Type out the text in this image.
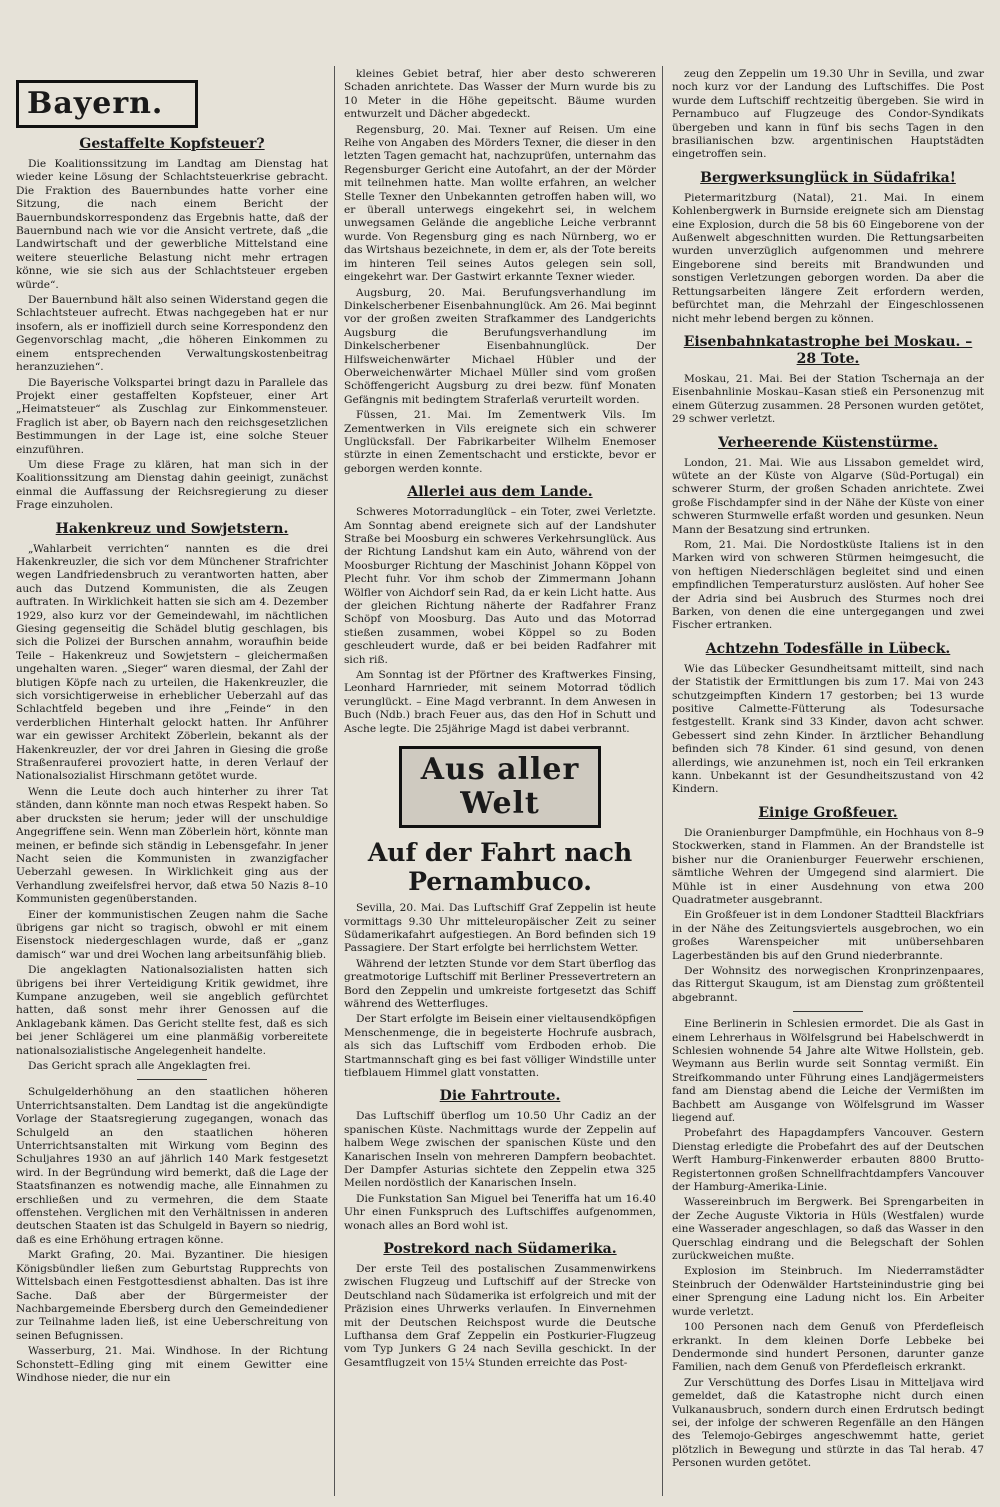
Bayern.
Gestaffelte Kopfsteuer?

Die Koalitionssitzung im Landtag am Dienstag hat wieder keine Lösung der Schlachtsteuerkrise gebracht. Die Fraktion des Bauernbundes hatte vorher eine Sitzung, die nach einem Bericht der Bauernbundskorrespondenz das Ergebnis hatte, daß der Bauernbund nach wie vor die Ansicht vertrete, daß „die Landwirtschaft und der gewerbliche Mittelstand eine weitere steuerliche Belastung nicht mehr ertragen könne, wie sie sich aus der Schlachtsteuer ergeben würde“.

Der Bauernbund hält also seinen Widerstand gegen die Schlachtsteuer aufrecht. Etwas nachgegeben hat er nur insofern, als er inoffiziell durch seine Korrespondenz den Gegenvorschlag macht, „die höheren Einkommen zu einem entsprechenden Verwaltungskostenbeitrag heranzuziehen“.

Die Bayerische Volkspartei bringt dazu in Parallele das Projekt einer gestaffelten Kopfsteuer, einer Art „Heimatsteuer“ als Zuschlag zur Einkommensteuer. Fraglich ist aber, ob Bayern nach den reichsgesetzlichen Bestimmungen in der Lage ist, eine solche Steuer einzuführen.

Um diese Frage zu klären, hat man sich in der Koalitionssitzung am Dienstag dahin geeinigt, zunächst einmal die Auffassung der Reichsregierung zu dieser Frage einzuholen.

Hakenkreuz und Sowjetstern.

„Wahlarbeit verrichten“ nannten es die drei Hakenkreuzler, die sich vor dem Münchener Strafrichter wegen Landfriedensbruch zu verantworten hatten, aber auch das Dutzend Kommunisten, die als Zeugen auftraten. In Wirklichkeit hatten sie sich am 4. Dezember 1929, also kurz vor der Gemeindewahl, im nächtlichen Giesing gegenseitig die Schädel blutig geschlagen, bis sich die Polizei der Burschen annahm, woraufhin beide Teile – Hakenkreuz und Sowjetstern – gleichermaßen ungehalten waren. „Sieger“ waren diesmal, der Zahl der blutigen Köpfe nach zu urteilen, die Hakenkreuzler, die sich vorsichtigerweise in erheblicher Ueberzahl auf das Schlachtfeld begeben und ihre „Feinde“ in den verderblichen Hinterhalt gelockt hatten. Ihr Anführer war ein gewisser Architekt Zöberlein, bekannt als der Hakenkreuzler, der vor drei Jahren in Giesing die große Straßenrauferei provoziert hatte, in deren Verlauf der Nationalsozialist Hirschmann getötet wurde.

Wenn die Leute doch auch hinterher zu ihrer Tat ständen, dann könnte man noch etwas Respekt haben. So aber drucksten sie herum; jeder will der unschuldige Angegriffene sein. Wenn man Zöberlein hört, könnte man meinen, er befinde sich ständig in Lebensgefahr. In jener Nacht seien die Kommunisten in zwanzigfacher Ueberzahl gewesen. In Wirklichkeit ging aus der Verhandlung zweifelsfrei hervor, daß etwa 50 Nazis 8–10 Kommunisten gegenüberstanden.

Einer der kommunistischen Zeugen nahm die Sache übrigens gar nicht so tragisch, obwohl er mit einem Eisenstock niedergeschlagen wurde, daß er „ganz damisch“ war und drei Wochen lang arbeitsunfähig blieb.

Die angeklagten Nationalsozialisten hatten sich übrigens bei ihrer Verteidigung Kritik gewidmet, ihre Kumpane anzugeben, weil sie angeblich gefürchtet hatten, daß sonst mehr ihrer Genossen auf die Anklagebank kämen. Das Gericht stellte fest, daß es sich bei jener Schlägerei um eine planmäßig vorbereitete nationalsozialistische Angelegenheit handelte.

Das Gericht sprach alle Angeklagten frei.

Schulgelderhöhung an den staatlichen höheren Unterrichtsanstalten. Dem Landtag ist die angekündigte Vorlage der Staatsregierung zugegangen, wonach das Schulgeld an den staatlichen höheren Unterrichtsanstalten mit Wirkung vom Beginn des Schuljahres 1930 an auf jährlich 140 Mark festgesetzt wird. In der Begründung wird bemerkt, daß die Lage der Staatsfinanzen es notwendig mache, alle Einnahmen zu erschließen und zu vermehren, die dem Staate offenstehen. Verglichen mit den Verhältnissen in anderen deutschen Staaten ist das Schulgeld in Bayern so niedrig, daß es eine Erhöhung ertragen könne.

Markt Grafing, 20. Mai. Byzantiner. Die hiesigen Königsbündler ließen zum Geburtstag Rupprechts von Wittelsbach einen Festgottesdienst abhalten. Das ist ihre Sache. Daß aber der Bürgermeister der Nachbargemeinde Ebersberg durch den Gemeindediener zur Teilnahme laden ließ, ist eine Ueberschreitung von seinen Befugnissen.

Wasserburg, 21. Mai. Windhose. In der Richtung Schonstett–Edling ging mit einem Gewitter eine Windhose nieder, die nur ein

kleines Gebiet betraf, hier aber desto schwereren Schaden anrichtete. Das Wasser der Murn wurde bis zu 10 Meter in die Höhe gepeitscht. Bäume wurden entwurzelt und Dächer abgedeckt.

Regensburg, 20. Mai. Texner auf Reisen. Um eine Reihe von Angaben des Mörders Texner, die dieser in den letzten Tagen gemacht hat, nachzuprüfen, unternahm das Regensburger Gericht eine Autofahrt, an der der Mörder mit teilnehmen hatte. Man wollte erfahren, an welcher Stelle Texner den Unbekannten getroffen haben will, wo er überall unterwegs eingekehrt sei, in welchem unwegsamen Gelände die angebliche Leiche verbrannt wurde. Von Regensburg ging es nach Nürnberg, wo er das Wirtshaus bezeichnete, in dem er, als der Tote bereits im hinteren Teil seines Autos gelegen sein soll, eingekehrt war. Der Gastwirt erkannte Texner wieder.

Augsburg, 20. Mai. Berufungsverhandlung im Dinkelscherbener Eisenbahnunglück. Am 26. Mai beginnt vor der großen zweiten Strafkammer des Landgerichts Augsburg die Berufungsverhandlung im Dinkelscherbener Eisenbahnunglück. Der Hilfsweichenwärter Michael Hübler und der Oberweichenwärter Michael Müller sind vom großen Schöffengericht Augsburg zu drei bezw. fünf Monaten Gefängnis mit bedingtem Straferlaß verurteilt worden.

Füssen, 21. Mai. Im Zementwerk Vils. Im Zementwerken in Vils ereignete sich ein schwerer Unglücksfall. Der Fabrikarbeiter Wilhelm Enemoser stürzte in einen Zementschacht und erstickte, bevor er geborgen werden konnte.

Allerlei aus dem Lande.

Schweres Motorradunglück – ein Toter, zwei Verletzte. Am Sonntag abend ereignete sich auf der Landshuter Straße bei Moosburg ein schweres Verkehrsunglück. Aus der Richtung Landshut kam ein Auto, während von der Moosburger Richtung der Maschinist Johann Köppel von Plecht fuhr. Vor ihm schob der Zimmermann Johann Wölfler von Aichdorf sein Rad, da er kein Licht hatte. Aus der gleichen Richtung näherte der Radfahrer Franz Schöpf von Moosburg. Das Auto und das Motorrad stießen zusammen, wobei Köppel so zu Boden geschleudert wurde, daß er bei beiden Radfahrer mit sich riß.

Am Sonntag ist der Pförtner des Kraftwerkes Finsing, Leonhard Harnrieder, mit seinem Motorrad tödlich verunglückt. – Eine Magd verbrannt. In dem Anwesen in Buch (Ndb.) brach Feuer aus, das den Hof in Schutt und Asche legte. Die 25jährige Magd ist dabei verbrannt.

Aus aller Welt
Auf der Fahrt nach Pernambuco.

Sevilla, 20. Mai. Das Luftschiff Graf Zeppelin ist heute vormittags 9.30 Uhr mitteleuropäischer Zeit zu seiner Südamerikafahrt aufgestiegen. An Bord befinden sich 19 Passagiere. Der Start erfolgte bei herrlichstem Wetter.

Während der letzten Stunde vor dem Start überflog das greatmotorige Luftschiff mit Berliner Pressevertretern an Bord den Zeppelin und umkreiste fortgesetzt das Schiff während des Wetterfluges.

Der Start erfolgte im Beisein einer vieltausendköpfigen Menschenmenge, die in begeisterte Hochrufe ausbrach, als sich das Luftschiff vom Erdboden erhob. Die Startmannschaft ging es bei fast völliger Windstille unter tiefblauem Himmel glatt vonstatten.

Die Fahrtroute.

Das Luftschiff überflog um 10.50 Uhr Cadiz an der spanischen Küste. Nachmittags wurde der Zeppelin auf halbem Wege zwischen der spanischen Küste und den Kanarischen Inseln von mehreren Dampfern beobachtet. Der Dampfer Asturias sichtete den Zeppelin etwa 325 Meilen nordöstlich der Kanarischen Inseln.

Die Funkstation San Miguel bei Teneriffa hat um 16.40 Uhr einen Funkspruch des Luftschiffes aufgenommen, wonach alles an Bord wohl ist.

Postrekord nach Südamerika.

Der erste Teil des postalischen Zusammenwirkens zwischen Flugzeug und Luftschiff auf der Strecke von Deutschland nach Südamerika ist erfolgreich und mit der Präzision eines Uhrwerks verlaufen. In Einvernehmen mit der Deutschen Reichspost wurde die Deutsche Lufthansa dem Graf Zeppelin ein Postkurier-Flugzeug vom Typ Junkers G 24 nach Sevilla geschickt. In der Gesamtflugzeit von 15¼ Stunden erreichte das Post-

zeug den Zeppelin um 19.30 Uhr in Sevilla, und zwar noch kurz vor der Landung des Luftschiffes. Die Post wurde dem Luftschiff rechtzeitig übergeben. Sie wird in Pernambuco auf Flugzeuge des Condor-Syndikats übergeben und kann in fünf bis sechs Tagen in den brasilianischen bzw. argentinischen Hauptstädten eingetroffen sein.

Bergwerksunglück in Südafrika!

Pietermaritzburg (Natal), 21. Mai. In einem Kohlenbergwerk in Burnside ereignete sich am Dienstag eine Explosion, durch die 58 bis 60 Eingeborene von der Außenwelt abgeschnitten wurden. Die Rettungsarbeiten wurden unverzüglich aufgenommen und mehrere Eingeborene sind bereits mit Brandwunden und sonstigen Verletzungen geborgen worden. Da aber die Rettungsarbeiten längere Zeit erfordern werden, befürchtet man, die Mehrzahl der Eingeschlossenen nicht mehr lebend bergen zu können.

Eisenbahnkatastrophe bei Moskau. – 28 Tote.

Moskau, 21. Mai. Bei der Station Tschernaja an der Eisenbahnlinie Moskau–Kasan stieß ein Personenzug mit einem Güterzug zusammen. 28 Personen wurden getötet, 29 schwer verletzt.

Verheerende Küstenstürme.

London, 21. Mai. Wie aus Lissabon gemeldet wird, wütete an der Küste von Algarve (Süd-Portugal) ein schwerer Sturm, der großen Schaden anrichtete. Zwei große Fischdampfer sind in der Nähe der Küste von einer schweren Sturmwelle erfaßt worden und gesunken. Neun Mann der Besatzung sind ertrunken.

Rom, 21. Mai. Die Nordostküste Italiens ist in den Marken wird von schweren Stürmen heimgesucht, die von heftigen Niederschlägen begleitet sind und einen empfindlichen Temperatursturz auslösten. Auf hoher See der Adria sind bei Ausbruch des Sturmes noch drei Barken, von denen die eine untergegangen und zwei Fischer ertranken.

Achtzehn Todesfälle in Lübeck.

Wie das Lübecker Gesundheitsamt mitteilt, sind nach der Statistik der Ermittlungen bis zum 17. Mai von 243 schutzgeimpften Kindern 17 gestorben; bei 13 wurde positive Calmette-Fütterung als Todesursache festgestellt. Krank sind 33 Kinder, davon acht schwer. Gebessert sind zehn Kinder. In ärztlicher Behandlung befinden sich 78 Kinder. 61 sind gesund, von denen allerdings, wie anzunehmen ist, noch ein Teil erkranken kann. Unbekannt ist der Gesundheitszustand von 42 Kindern.

Einige Großfeuer.

Die Oranienburger Dampfmühle, ein Hochhaus von 8–9 Stockwerken, stand in Flammen. An der Brandstelle ist bisher nur die Oranienburger Feuerwehr erschienen, sämtliche Wehren der Umgegend sind alarmiert. Die Mühle ist in einer Ausdehnung von etwa 200 Quadratmeter ausgebrannt.

Ein Großfeuer ist in dem Londoner Stadtteil Blackfriars in der Nähe des Zeitungsviertels ausgebrochen, wo ein großes Warenspeicher mit unübersehbaren Lagerbeständen bis auf den Grund niederbrannte.

Der Wohnsitz des norwegischen Kronprinzenpaares, das Rittergut Skaugum, ist am Dienstag zum größtenteil abgebrannt.

Eine Berlinerin in Schlesien ermordet. Die als Gast in einem Lehrerhaus in Wölfelsgrund bei Habelschwerdt in Schlesien wohnende 54 Jahre alte Witwe Hollstein, geb. Weymann aus Berlin wurde seit Sonntag vermißt. Ein Streifkommando unter Führung eines Landjägermeisters fand am Dienstag abend die Leiche der Vermißten im Bachbett am Ausgange von Wölfelsgrund im Wasser liegend auf.

Probefahrt des Hapagdampfers Vancouver. Gestern Dienstag erledigte die Probefahrt des auf der Deutschen Werft Hamburg-Finkenwerder erbauten 8800 Brutto-Registertonnen großen Schnellfrachtdampfers Vancouver der Hamburg-Amerika-Linie.

Wassereinbruch im Bergwerk. Bei Sprengarbeiten in der Zeche Auguste Viktoria in Hüls (Westfalen) wurde eine Wasserader angeschlagen, so daß das Wasser in den Querschlag eindrang und die Belegschaft der Sohlen zurückweichen mußte.

Explosion im Steinbruch. Im Niederramstädter Steinbruch der Odenwälder Hartsteinindustrie ging bei einer Sprengung eine Ladung nicht los. Ein Arbeiter wurde verletzt.

100 Personen nach dem Genuß von Pferdefleisch erkrankt. In dem kleinen Dorfe Lebbeke bei Dendermonde sind hundert Personen, darunter ganze Familien, nach dem Genuß von Pferdefleisch erkrankt.

Zur Verschüttung des Dorfes Lisau in Mitteljava wird gemeldet, daß die Katastrophe nicht durch einen Vulkanausbruch, sondern durch einen Erdrutsch bedingt sei, der infolge der schweren Regenfälle an den Hängen des Telemojo-Gebirges angeschwemmt hatte, geriet plötzlich in Bewegung und stürzte in das Tal herab. 47 Personen wurden getötet.
